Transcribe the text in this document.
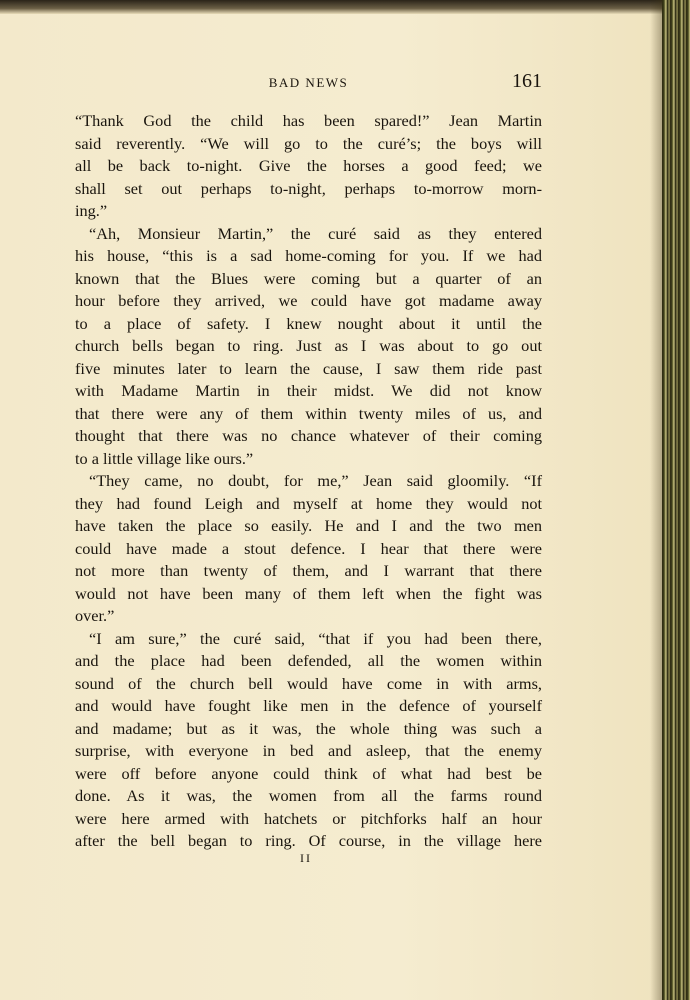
BAD NEWS	161
“Thank God the child has been spared!” Jean Martin
said reverently. “We will go to the curé’s; the boys will
all be back to-night. Give the horses a good feed; we
shall set out perhaps to-night, perhaps to-morrow morn-
ing.”
“Ah, Monsieur Martin,” the curé said as they entered
his house, “this is a sad home-coming for you. If we had
known that the Blues were coming but a quarter of an
hour before they arrived, we could have got madame away
to a place of safety. I knew nought about it until the
church bells began to ring. Just as I was about to go out
five minutes later to learn the cause, I saw them ride past
with Madame Martin in their midst. We did not know
that there were any of them within twenty miles of us, and
thought that there was no chance whatever of their coming
to a little village like ours.”
“They came, no doubt, for me,” Jean said gloomily. “If
they had found Leigh and myself at home they would not
have taken the place so easily. He and I and the two men
could have made a stout defence. I hear that there were
not more than twenty of them, and I warrant that there
would not have been many of them left when the fight was
over.”
“I am sure,” the curé said, “that if you had been there,
and the place had been defended, all the women within
sound of the church bell would have come in with arms,
and would have fought like men in the defence of yourself
and madame; but as it was, the whole thing was such a
surprise, with everyone in bed and asleep, that the enemy
were off before anyone could think of what had best be
done. As it was, the women from all the farms round
were here armed with hatchets or pitchforks half an hour
after the bell began to ring. Of course, in the village here
II
